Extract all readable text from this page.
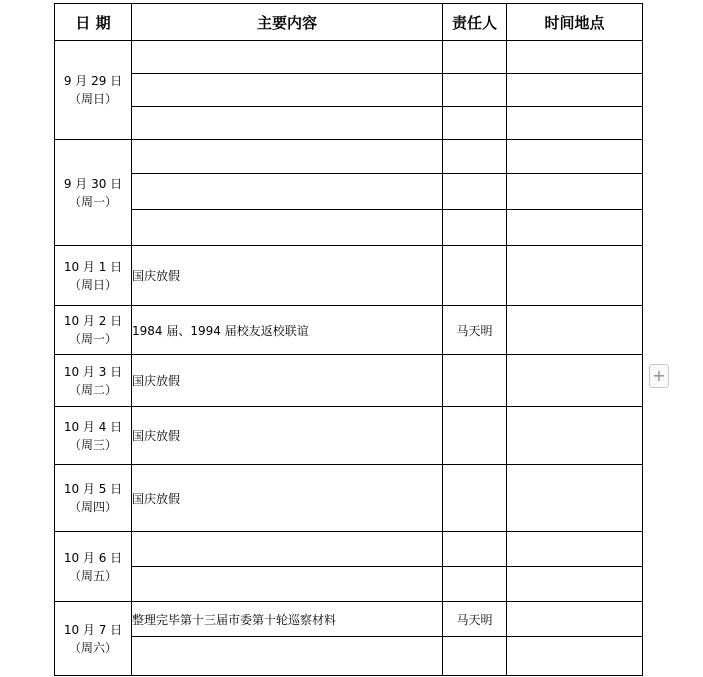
日 期	主要内容	责任人	时间地点

9 月 29 日
（周日）			

9 月 30 日
（周一）			

10 月 1 日
（周日）	国庆放假		

10 月 2 日
（周一）	1984 届、1994 届校友返校联谊	马天明	

10 月 3 日
（周二）	国庆放假		

10 月 4 日
（周三）	国庆放假		

10 月 5 日
（周四）	国庆放假		

10 月 6 日
（周五）			

10 月 7 日
（周六）	整理完毕第十三届市委第十轮巡察材料	马天明	

+
